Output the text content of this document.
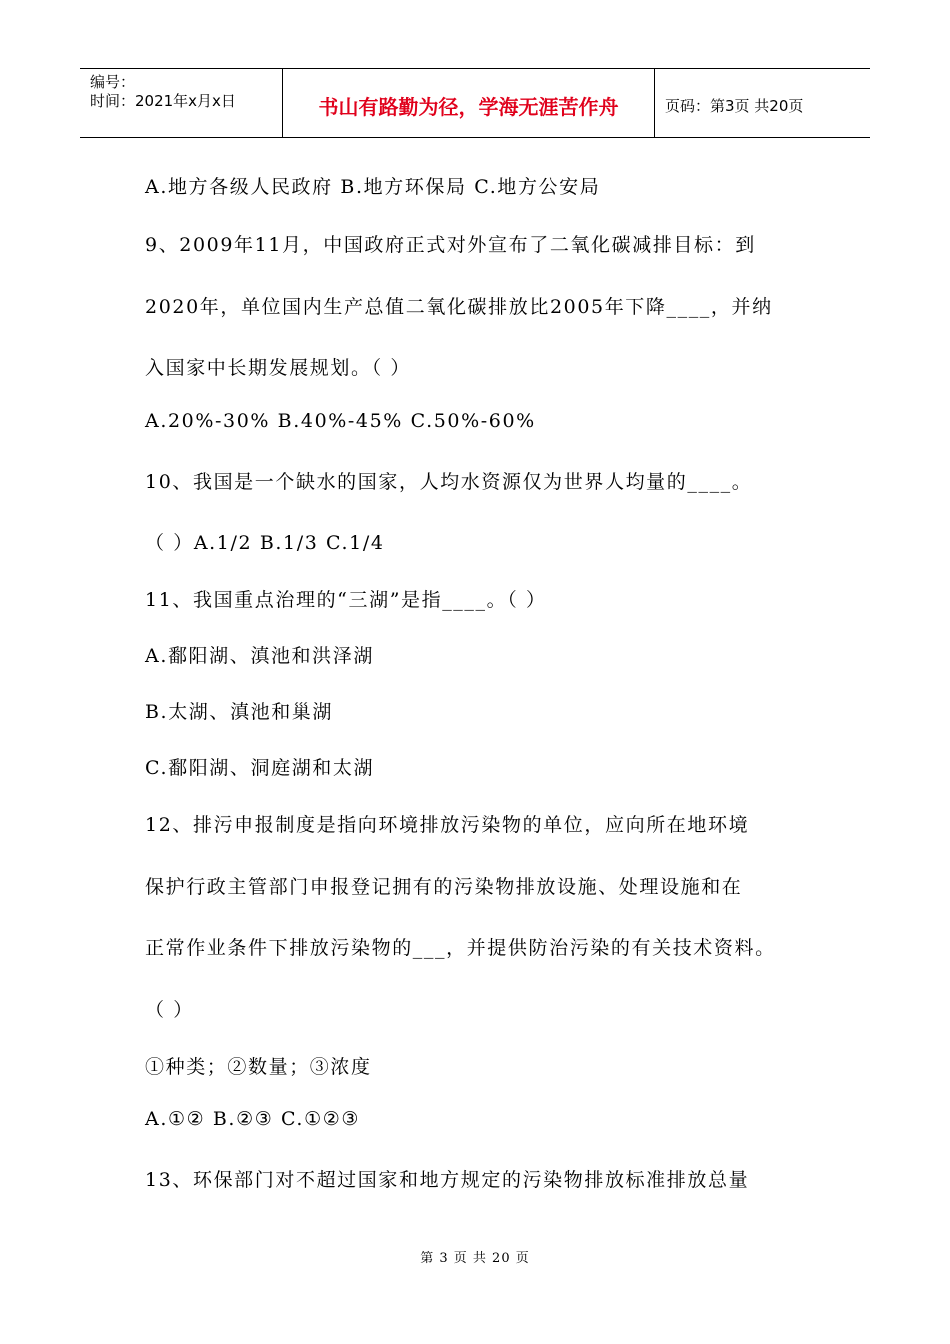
编号：
时间：2021年x月x日	书山有路勤为径，学海无涯苦作舟	页码：第3页 共20页
A.地方各级人民政府 B.地方环保局 C.地方公安局
9、2009年11月，中国政府正式对外宣布了二氧化碳减排目标：到
2020年，单位国内生产总值二氧化碳排放比2005年下降____，并纳
入国家中长期发展规划。（ ）
A.20%-30% B.40%-45% C.50%-60%
10、我国是一个缺水的国家，人均水资源仅为世界人均量的____。
（ ）A.1/2 B.1/3 C.1/4
11、我国重点治理的“三湖”是指____。（ ）
A.鄱阳湖、滇池和洪泽湖
B.太湖、滇池和巢湖
C.鄱阳湖、洞庭湖和太湖
12、排污申报制度是指向环境排放污染物的单位，应向所在地环境
保护行政主管部门申报登记拥有的污染物排放设施、处理设施和在
正常作业条件下排放污染物的___，并提供防治污染的有关技术资料。
（ ）
①种类；②数量；③浓度
A.①② B.②③ C.①②③
13、环保部门对不超过国家和地方规定的污染物排放标准排放总量
第 3 页 共 20 页
